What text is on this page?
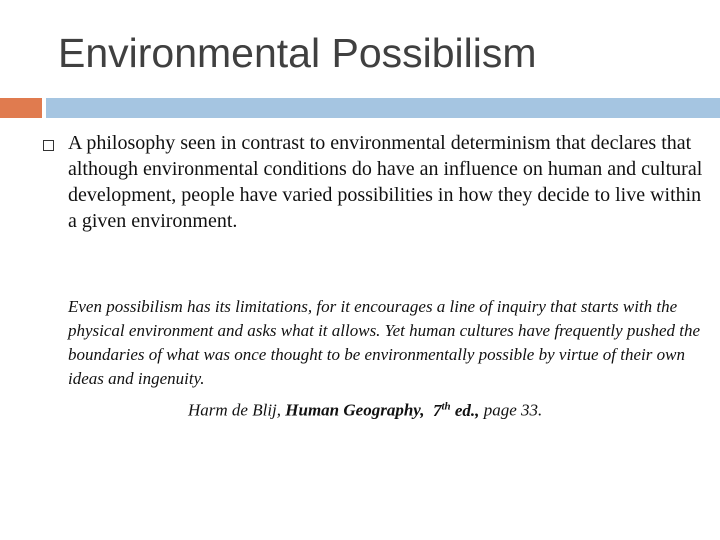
Environmental Possibilism

A philosophy seen in contrast to environmental determinism that declares that although environmental conditions do have an influence on human and cultural development, people have varied possibilities in how they decide to live within a given environment.

Even possibilism has its limitations, for it encourages a line of inquiry that starts with the physical environment and asks what it allows. Yet human cultures have frequently pushed the boundaries of what was once thought to be environmentally possible by virtue of their own ideas and ingenuity.

Harm de Blij, Human Geography, 7th ed., page 33.
